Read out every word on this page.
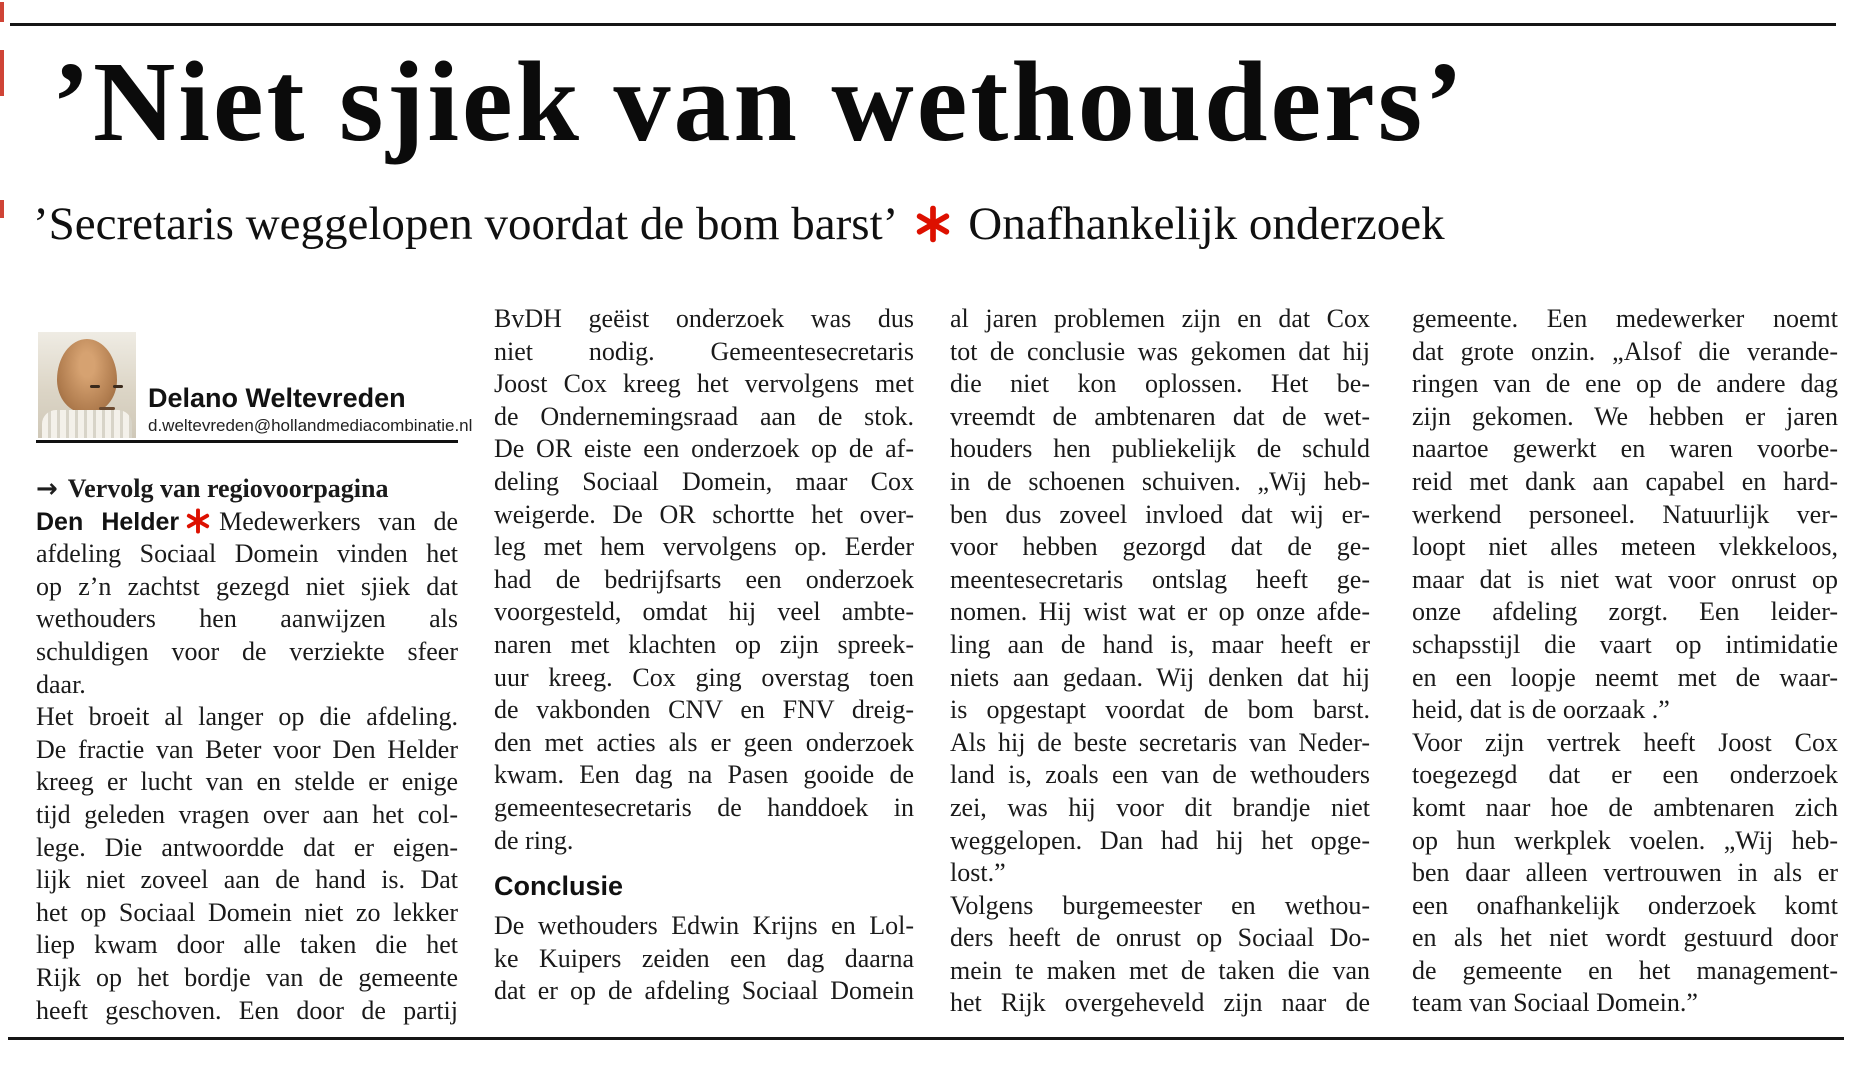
’Niet sjiek van wethouders’
’Secretaris weggelopen voordat de bom barst’ Onafhankelijk onderzoek
Delano Weltevreden
d.weltevreden@hollandmediacombinatie.nl
→ Vervolg van regiovoorpagina
Den Helder Medewerkers van de
afdeling Sociaal Domein vinden het
op z’n zachtst gezegd niet sjiek dat
wethouders hen aanwijzen als
schuldigen voor de verziekte sfeer
daar.
Het broeit al langer op die afdeling.
De fractie van Beter voor Den Helder
kreeg er lucht van en stelde er enige
tijd geleden vragen over aan het col-
lege. Die antwoordde dat er eigen-
lijk niet zoveel aan de hand is. Dat
het op Sociaal Domein niet zo lekker
liep kwam door alle taken die het
Rijk op het bordje van de gemeente
heeft geschoven. Een door de partij
BvDH geëist onderzoek was dus
niet nodig. Gemeentesecretaris
Joost Cox kreeg het vervolgens met
de Ondernemingsraad aan de stok.
De OR eiste een onderzoek op de af-
deling Sociaal Domein, maar Cox
weigerde. De OR schortte het over-
leg met hem vervolgens op. Eerder
had de bedrijfsarts een onderzoek
voorgesteld, omdat hij veel ambte-
naren met klachten op zijn spreek-
uur kreeg. Cox ging overstag toen
de vakbonden CNV en FNV dreig-
den met acties als er geen onderzoek
kwam. Een dag na Pasen gooide de
gemeentesecretaris de handdoek in
de ring.
Conclusie
De wethouders Edwin Krijns en Lol-
ke Kuipers zeiden een dag daarna
dat er op de afdeling Sociaal Domein
al jaren problemen zijn en dat Cox
tot de conclusie was gekomen dat hij
die niet kon oplossen. Het be-
vreemdt de ambtenaren dat de wet-
houders hen publiekelijk de schuld
in de schoenen schuiven. „Wij heb-
ben dus zoveel invloed dat wij er-
voor hebben gezorgd dat de ge-
meentesecretaris ontslag heeft ge-
nomen. Hij wist wat er op onze afde-
ling aan de hand is, maar heeft er
niets aan gedaan. Wij denken dat hij
is opgestapt voordat de bom barst.
Als hij de beste secretaris van Neder-
land is, zoals een van de wethouders
zei, was hij voor dit brandje niet
weggelopen. Dan had hij het opge-
lost.”
Volgens burgemeester en wethou-
ders heeft de onrust op Sociaal Do-
mein te maken met de taken die van
het Rijk overgeheveld zijn naar de
gemeente. Een medewerker noemt
dat grote onzin. „Alsof die verande-
ringen van de ene op de andere dag
zijn gekomen. We hebben er jaren
naartoe gewerkt en waren voorbe-
reid met dank aan capabel en hard-
werkend personeel. Natuurlijk ver-
loopt niet alles meteen vlekkeloos,
maar dat is niet wat voor onrust op
onze afdeling zorgt. Een leider-
schapsstijl die vaart op intimidatie
en een loopje neemt met de waar-
heid, dat is de oorzaak .”
Voor zijn vertrek heeft Joost Cox
toegezegd dat er een onderzoek
komt naar hoe de ambtenaren zich
op hun werkplek voelen. „Wij heb-
ben daar alleen vertrouwen in als er
een onafhankelijk onderzoek komt
en als het niet wordt gestuurd door
de gemeente en het management-
team van Sociaal Domein.”
